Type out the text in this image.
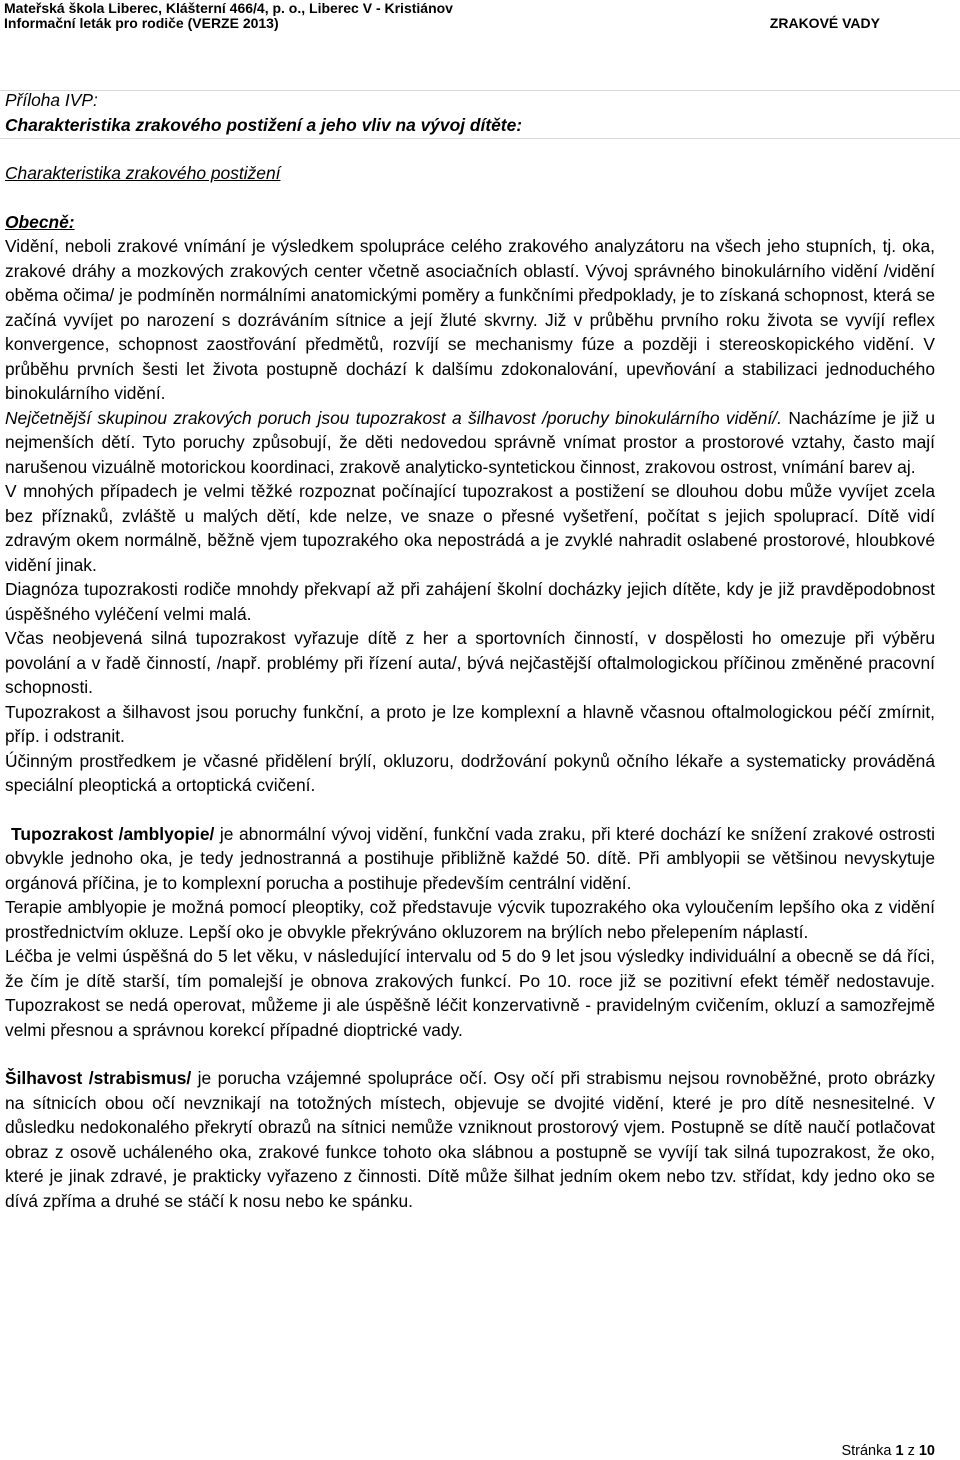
Mateřská škola Liberec, Klášterní 466/4, p. o., Liberec V - Kristiánov
Informační leták pro rodiče (VERZE 2013)	ZRAKOVÉ VADY

Příloha IVP:

Charakteristika zrakového postižení a jeho vliv na vývoj dítěte:

Charakteristika zrakového postižení

Obecně:

Vidění, neboli zrakové vnímání je výsledkem spolupráce celého zrakového analyzátoru na všech jeho stupních, tj. oka, zrakové dráhy a mozkových zrakových center včetně asociačních oblastí. Vývoj správného binokulárního vidění /vidění oběma očima/ je podmíněn normálními anatomickými poměry a funkčními předpoklady, je to získaná schopnost, která se začíná vyvíjet po narození s dozráváním sítnice a její žluté skvrny. Již v průběhu prvního roku života se vyvíjí reflex konvergence, schopnost zaostřování předmětů, rozvíjí se mechanismy fúze a později i stereoskopického vidění. V průběhu prvních šesti let života postupně dochází k dalšímu zdokonalování, upevňování a stabilizaci jednoduchého binokulárního vidění.

Nejčetnější skupinou zrakových poruch jsou tupozrakost a šilhavost /poruchy binokulárního vidění/. Nacházíme je již u nejmenších dětí. Tyto poruchy způsobují, že děti nedovedou správně vnímat prostor a prostorové vztahy, často mají narušenou vizuálně motorickou koordinaci, zrakově analyticko-syntetickou činnost, zrakovou ostrost, vnímání barev aj.

V mnohých případech je velmi těžké rozpoznat počínající tupozrakost a postižení se dlouhou dobu může vyvíjet zcela bez příznaků, zvláště u malých dětí, kde nelze, ve snaze o přesné vyšetření, počítat s jejich spoluprací. Dítě vidí zdravým okem normálně, běžně vjem tupozrakého oka nepostrádá a je zvyklé nahradit oslabené prostorové, hloubkové vidění jinak.

Diagnóza tupozrakosti rodiče mnohdy překvapí až při zahájení školní docházky jejich dítěte, kdy je již pravděpodobnost úspěšného vyléčení velmi malá.

Včas neobjevená silná tupozrakost vyřazuje dítě z her a sportovních činností, v dospělosti ho omezuje při výběru povolání a v řadě činností, /např. problémy při řízení auta/, bývá nejčastější oftalmologickou příčinou změněné pracovní schopnosti.

Tupozrakost a šilhavost jsou poruchy funkční, a proto je lze komplexní a hlavně včasnou oftalmologickou péčí zmírnit, příp. i odstranit.

Účinným prostředkem je včasné přidělení brýlí, okluzoru, dodržování pokynů očního lékaře a systematicky prováděná speciální pleoptická a ortoptická cvičení.

Tupozrakost /amblyopie/ je abnormální vývoj vidění, funkční vada zraku, při které dochází ke snížení zrakové ostrosti obvykle jednoho oka, je tedy jednostranná a postihuje přibližně každé 50. dítě. Při amblyopii se většinou nevyskytuje orgánová příčina, je to komplexní porucha a postihuje především centrální vidění.

Terapie amblyopie je možná pomocí pleoptiky, což představuje výcvik tupozrakého oka vyloučením lepšího oka z vidění prostřednictvím okluze. Lepší oko je obvykle překrýváno okluzorem na brýlích nebo přelepením náplastí.

Léčba je velmi úspěšná do 5 let věku, v následující intervalu od 5 do 9 let jsou výsledky individuální a obecně se dá říci, že čím je dítě starší, tím pomalejší je obnova zrakových funkcí. Po 10. roce již se pozitivní efekt téměř nedostavuje. Tupozrakost se nedá operovat, můžeme ji ale úspěšně léčit konzervativně - pravidelným cvičením, okluzí a samozřejmě velmi přesnou a správnou korekcí případné dioptrické vady.

Šilhavost /strabismus/ je porucha vzájemné spolupráce očí. Osy očí při strabismu nejsou rovnoběžné, proto obrázky na sítnicích obou očí nevznikají na totožných místech, objevuje se dvojité vidění, které je pro dítě nesnesitelné. V důsledku nedokonalého překrytí obrazů na sítnici nemůže vzniknout prostorový vjem. Postupně se dítě naučí potlačovat obraz z osově ucháleného oka, zrakové funkce tohoto oka slábnou a postupně se vyvíjí tak silná tupozrakost, že oko, které je jinak zdravé, je prakticky vyřazeno z činnosti. Dítě může šilhat jedním okem nebo tzv. střídat, kdy jedno oko se dívá zpříma a druhé se stáčí k nosu nebo ke spánku.

Stránka 1 z 10
